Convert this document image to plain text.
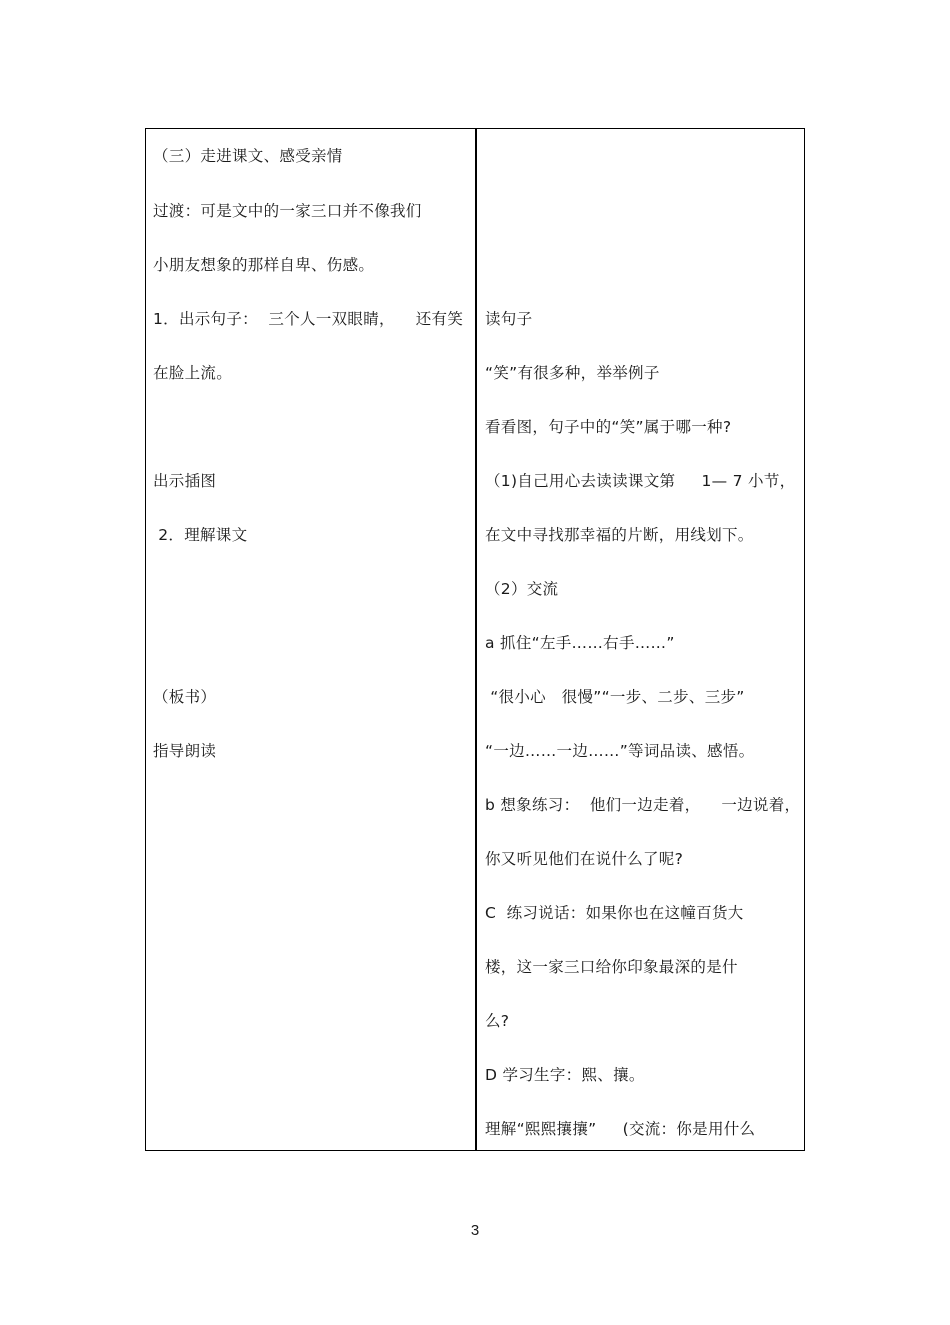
（三）走进课文、感受亲情
过渡：可是文中的一家三口并不像我们
小朋友想象的那样自卑、伤感。
1．出示句子：  三个人一双眼睛，    还有笑
在脸上流。
出示插图
2．理解课文
（板书）
指导朗读
读句子
“笑”有很多种，举举例子
看看图，句子中的“笑”属于哪一种?
（1)自己用心去读读课文第     1— 7 小节，
在文中寻找那幸福的片断，用线划下。
（2）交流
a 抓住“左手……右手……”
“很小心   很慢”“一步、二步、三步”
“一边……一边……”等词品读、感悟。
b 想象练习：  他们一边走着，    一边说着，
你又听见他们在说什么了呢?
C  练习说话：如果你也在这幢百货大
楼，这一家三口给你印象最深的是什
么?
D 学习生字：熙、攘。
理解“熙熙攘攘”     (交流：你是用什么
3
